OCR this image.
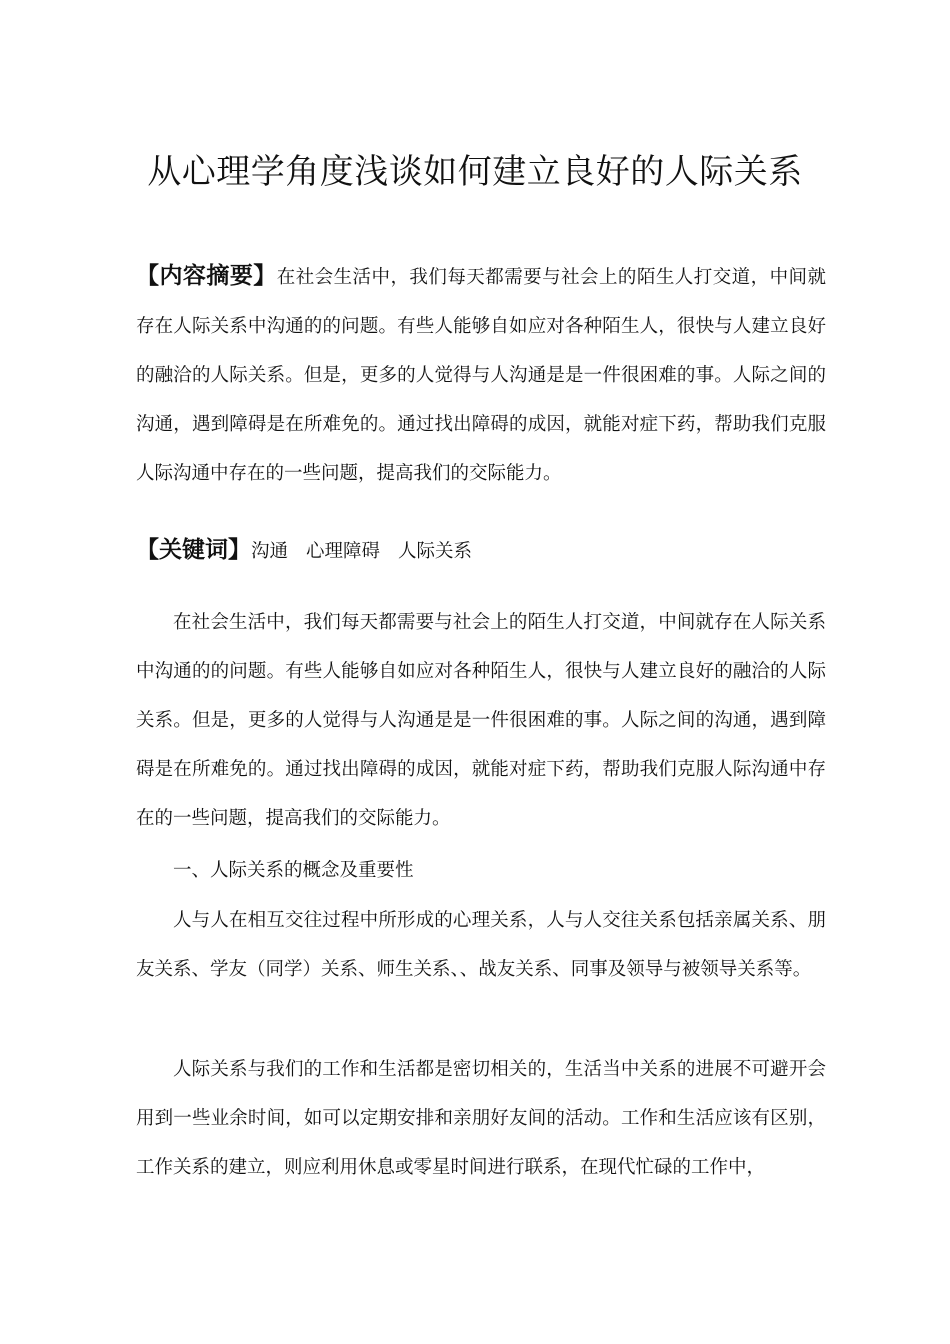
从心理学角度浅谈如何建立良好的人际关系

【内容摘要】在社会生活中，我们每天都需要与社会上的陌生人打交道，中间就存在人际关系中沟通的的问题。有些人能够自如应对各种陌生人，很快与人建立良好的融洽的人际关系。但是，更多的人觉得与人沟通是是一件很困难的事。人际之间的沟通，遇到障碍是在所难免的。通过找出障碍的成因，就能对症下药，帮助我们克服人际沟通中存在的一些问题，提高我们的交际能力。

【关键词】沟通 心理障碍 人际关系

在社会生活中，我们每天都需要与社会上的陌生人打交道，中间就存在人际关系中沟通的的问题。有些人能够自如应对各种陌生人，很快与人建立良好的融洽的人际关系。但是，更多的人觉得与人沟通是是一件很困难的事。人际之间的沟通，遇到障碍是在所难免的。通过找出障碍的成因，就能对症下药，帮助我们克服人际沟通中存在的一些问题，提高我们的交际能力。

一、人际关系的概念及重要性

人与人在相互交往过程中所形成的心理关系，人与人交往关系包括亲属关系、朋友关系、学友（同学）关系、师生关系、、战友关系、同事及领导与被领导关系等。

人际关系与我们的工作和生活都是密切相关的，生活当中关系的进展不可避开会用到一些业余时间，如可以定期安排和亲朋好友间的活动。工作和生活应该有区别，工作关系的建立，则应利用休息或零星时间进行联系，在现代忙碌的工作中，
